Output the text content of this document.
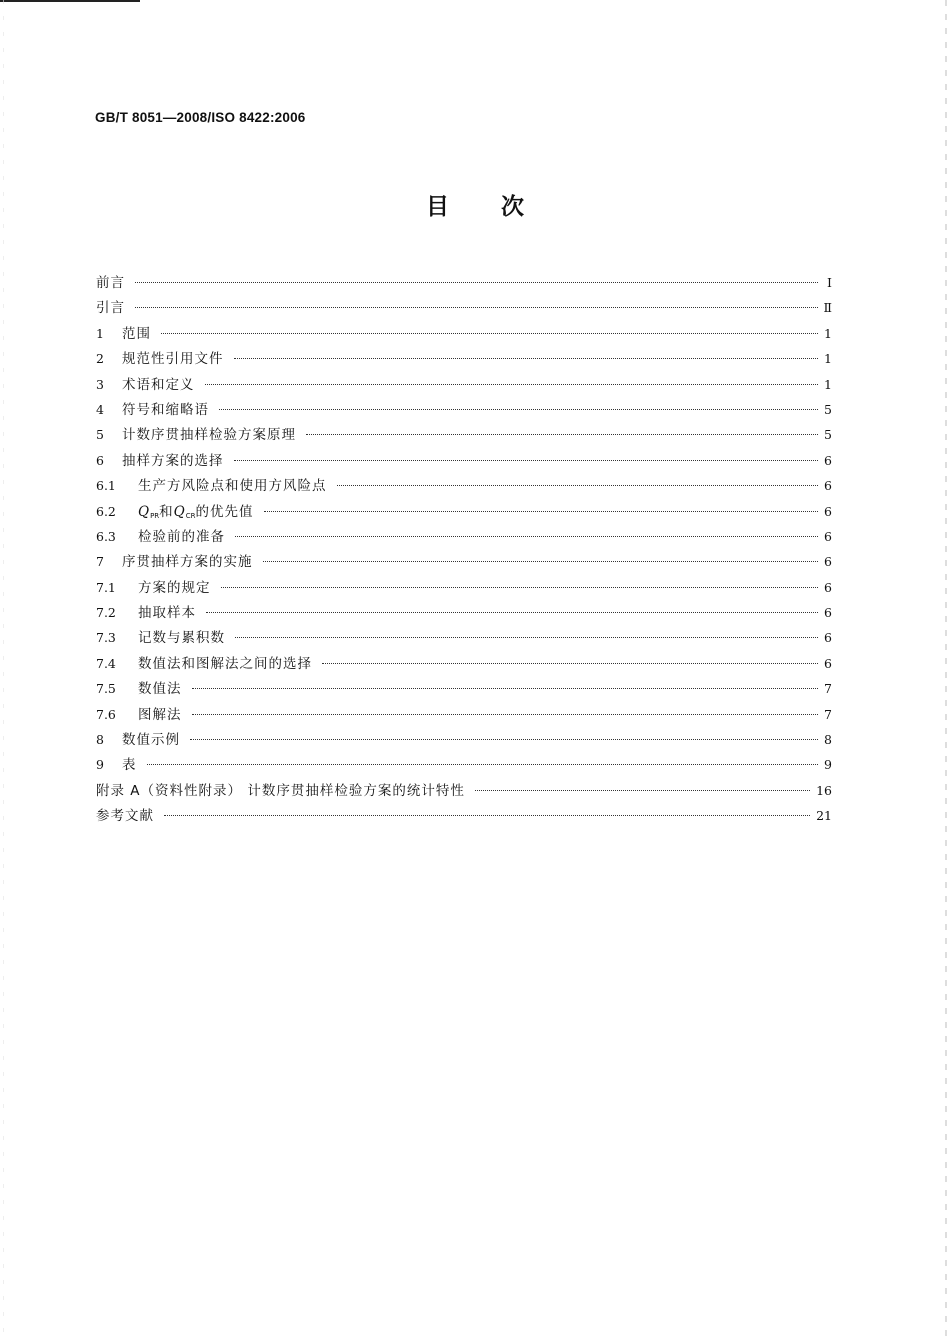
GB/T 8051—2008/ISO 8422:2006
目 次
前言	Ⅰ
引言	Ⅱ
1	范围	1
2	规范性引用文件	1
3	术语和定义	1
4	符号和缩略语	5
5	计数序贯抽样检验方案原理	5
6	抽样方案的选择	6
6.1	生产方风险点和使用方风险点	6
6.2	$Q_{PR}$和$Q_{CR}$的优先值	6
6.3	检验前的准备	6
7	序贯抽样方案的实施	6
7.1	方案的规定	6
7.2	抽取样本	6
7.3	记数与累积数	6
7.4	数值法和图解法之间的选择	6
7.5	数值法	7
7.6	图解法	7
8	数值示例	8
9	表	9
附录 A（资料性附录） 计数序贯抽样检验方案的统计特性	16
参考文献	21
